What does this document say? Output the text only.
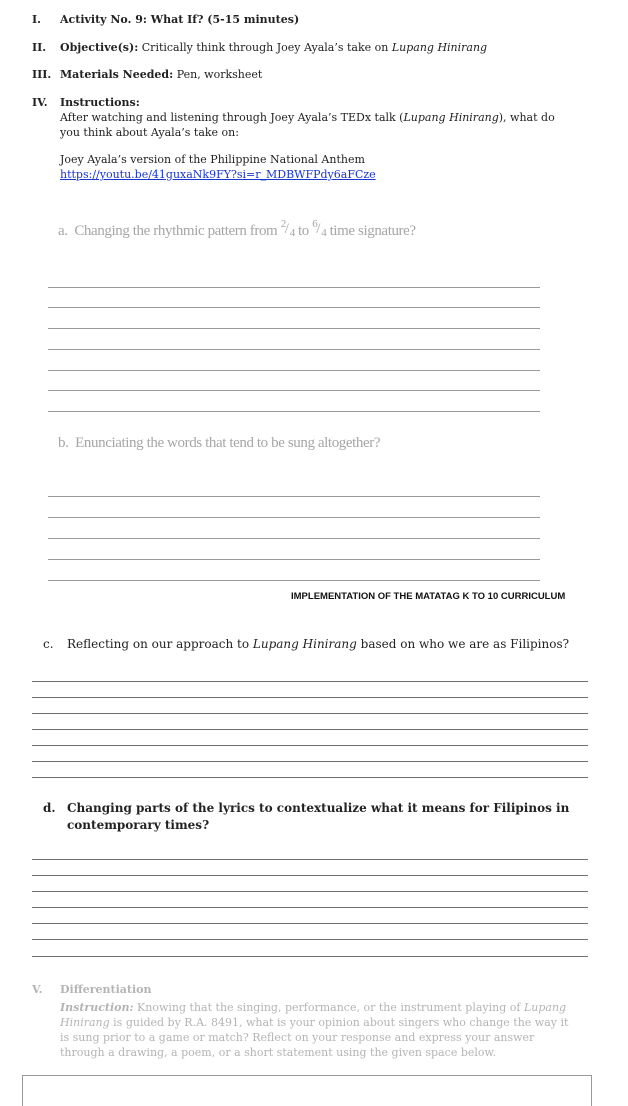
I. Activity No. 9: What If? (5-15 minutes)
II. Objective(s): Critically think through Joey Ayala’s take on Lupang Hinirang
III. Materials Needed: Pen, worksheet
IV. Instructions:
After watching and listening through Joey Ayala’s TEDx talk (Lupang Hinirang), what do
you think about Ayala’s take on:
Joey Ayala’s version of the Philippine National Anthem
https://youtu.be/41guxaNk9FY?si=r_MDBWFPdy6aFCze
a. Changing the rhythmic pattern from 2
/ 4 to 6
/ 4 time signature?
b. Enunciating the words that tend to be sung altogether?
IMPLEMENTATION OF THE MATATAG K TO 10 CURRICULUM
c. Reflecting on our approach to Lupang Hinirang based on who we are as Filipinos?
d. Changing parts of the lyrics to contextualize what it means for Filipinos in
contemporary times?
V. Differentiation
Instruction: Knowing that the singing, performance, or the instrument playing of Lupang
Hinirang is guided by R.A. 8491, what is your opinion about singers who change the way it
is sung prior to a game or match? Reflect on your response and express your answer
through a drawing, a poem, or a short statement using the given space below.
